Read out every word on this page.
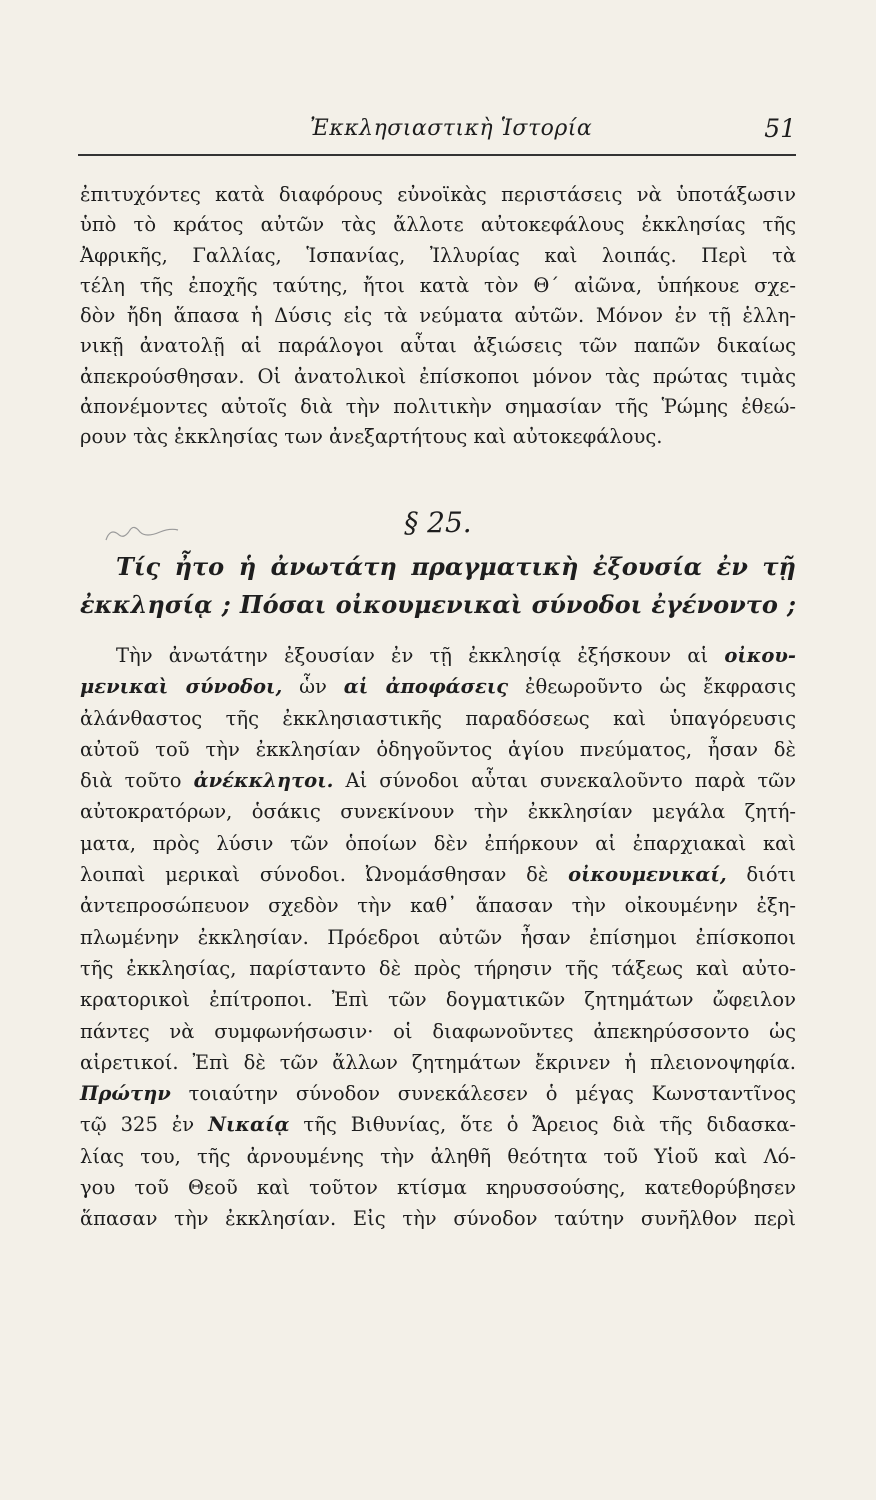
Ἐκκλησιαστικὴ Ἱστορία	51
ἐπιτυχόντες κατὰ διαφόρους εὐνοϊκὰς περιστάσεις νὰ ὑποτάξωσιν
ὑπὸ τὸ κράτος αὐτῶν τὰς ἄλλοτε αὐτοκεφάλους ἐκκλησίας τῆς
Ἀφρικῆς, Γαλλίας, Ἱσπανίας, Ἰλλυρίας καὶ λοιπάς. Περὶ τὰ
τέλη τῆς ἐποχῆς ταύτης, ἤτοι κατὰ τὸν Θ΄ αἰῶνα, ὑπήκουε σχε-
δὸν ἤδη ἅπασα ἡ Δύσις εἰς τὰ νεύματα αὐτῶν. Μόνον ἐν τῇ ἑλλη-
νικῇ ἀνατολῇ αἱ παράλογοι αὗται ἀξιώσεις τῶν παπῶν δικαίως
ἀπεκρούσθησαν. Οἱ ἀνατολικοὶ ἐπίσκοποι μόνον τὰς πρώτας τιμὰς
ἀπονέμοντες αὐτοῖς διὰ τὴν πολιτικὴν σημασίαν τῆς Ῥώμης ἐθεώ-
ρουν τὰς ἐκκλησίας των ἀνεξαρτήτους καὶ αὐτοκεφάλους.
§ 25.
Τίς ἦτο ἡ ἀνωτάτη πραγματικὴ ἐξουσία ἐν τῇ
ἐκκλησίᾳ ; Πόσαι οἰκουμενικαὶ σύνοδοι ἐγένοντο ;
Τὴν ἀνωτάτην ἐξουσίαν ἐν τῇ ἐκκλησίᾳ ἐξήσκουν αἱ οἰκου-
μενικαὶ σύνοδοι, ὧν αἱ ἀποφάσεις ἐθεωροῦντο ὡς ἔκφρασις
ἀλάνθαστος τῆς ἐκκλησιαστικῆς παραδόσεως καὶ ὑπαγόρευσις
αὐτοῦ τοῦ τὴν ἐκκλησίαν ὁδηγοῦντος ἁγίου πνεύματος, ἦσαν δὲ
διὰ τοῦτο ἀνέκκλητοι. Αἱ σύνοδοι αὗται συνεκαλοῦντο παρὰ τῶν
αὐτοκρατόρων, ὁσάκις συνεκίνουν τὴν ἐκκλησίαν μεγάλα ζητή-
ματα, πρὸς λύσιν τῶν ὁποίων δὲν ἐπήρκουν αἱ ἐπαρχιακαὶ καὶ
λοιπαὶ μερικαὶ σύνοδοι. Ὠνομάσθησαν δὲ οἰκουμενικαί, διότι
ἀντεπροσώπευον σχεδὸν τὴν καθ᾽ ἅπασαν τὴν οἰκουμένην ἐξη-
πλωμένην ἐκκλησίαν. Πρόεδροι αὐτῶν ἦσαν ἐπίσημοι ἐπίσκοποι
τῆς ἐκκλησίας, παρίσταντο δὲ πρὸς τήρησιν τῆς τάξεως καὶ αὐτο-
κρατορικοὶ ἐπίτροποι. Ἐπὶ τῶν δογματικῶν ζητημάτων ὤφειλον
πάντες νὰ συμφωνήσωσιν· οἱ διαφωνοῦντες ἀπεκηρύσσοντο ὡς
αἱρετικοί. Ἐπὶ δὲ τῶν ἄλλων ζητημάτων ἔκρινεν ἡ πλειονοψηφία.
Πρώτην τοιαύτην σύνοδον συνεκάλεσεν ὁ μέγας Κωνσταντῖνος
τῷ 325 ἐν Νικαίᾳ τῆς Βιθυνίας, ὅτε ὁ Ἄρειος διὰ τῆς διδασκα-
λίας του, τῆς ἀρνουμένης τὴν ἀληθῆ θεότητα τοῦ Υἱοῦ καὶ Λό-
γου τοῦ Θεοῦ καὶ τοῦτον κτίσμα κηρυσσούσης, κατεθορύβησεν
ἅπασαν τὴν ἐκκλησίαν. Εἰς τὴν σύνοδον ταύτην συνῆλθον περὶ
